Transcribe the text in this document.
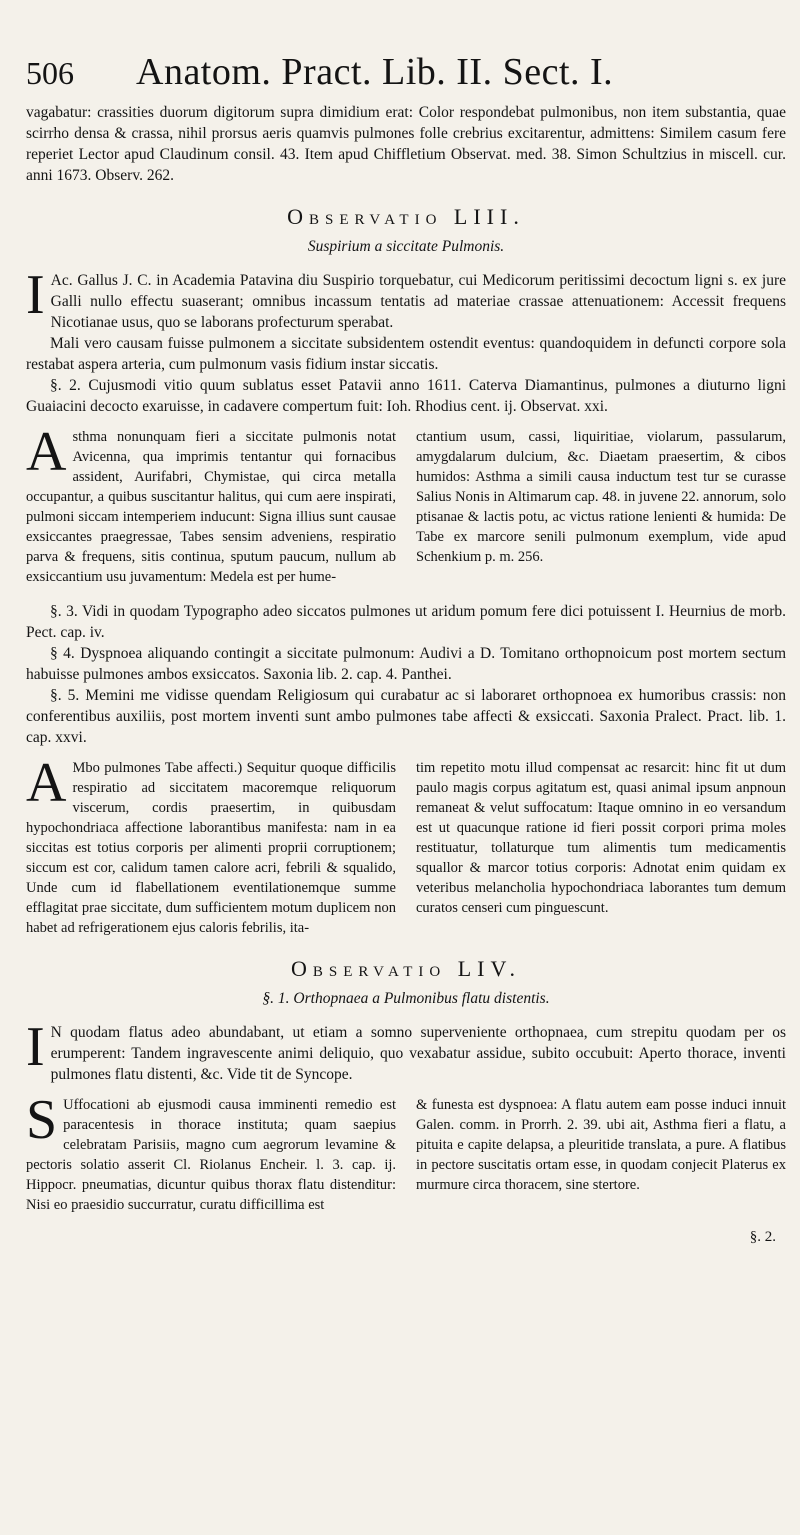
506	Anatom. Pract. Lib. II. Sect. I.

vagabatur: crassities duorum digitorum supra dimidium erat: Color respondebat pulmonibus, non item substantia, quae scirrho densa & crassa, nihil prorsus aeris quamvis pulmones folle crebrius excitarentur, admittens: Similem casum fere reperiet Lector apud Claudinum consil. 43. Item apud Chiffletium Observat. med. 38. Simon Schultzius in miscell. cur. anni 1673. Observ. 262.

Observatio LIII.
Suspirium a siccitate Pulmonis.
I Ac. Gallus J. C. in Academia Patavina diu Suspirio torquebatur, cui Medicorum peritissimi decoctum ligni s. ex jure Galli nullo effectu suaserant; omnibus incassum tentatis ad materiae crassae attenuationem: Accessit frequens Nicotianae usus, quo se laborans profecturum sperabat.

Mali vero causam fuisse pulmonem a siccitate subsidentem ostendit eventus: quandoquidem in defuncti corpore sola restabat aspera arteria, cum pulmonum vasis fidium instar siccatis.

§. 2. Cujusmodi vitio quum sublatus esset Patavii anno 1611. Caterva Diamantinus, pulmones a diuturno ligni Guaiacini decocto exaruisse, in cadavere compertum fuit: Ioh. Rhodius cent. ij. Observat. xxi.

A sthma nonunquam fieri a siccitate pulmonis notat Avicenna, qua imprimis tentantur qui fornacibus assident, Aurifabri, Chymistae, qui circa metalla occupantur, a quibus suscitantur halitus, qui cum aere inspirati, pulmoni siccam intemperiem inducunt: Signa illius sunt causae exsiccantes praegressae, Tabes sensim adveniens, respiratio parva & frequens, sitis continua, sputum paucum, nullum ab exsiccantium usu juvamentum: Medela est per hume-

ctantium usum, cassi, liquiritiae, violarum, passularum, amygdalarum dulcium, &c. Diaetam praesertim, & cibos humidos: Asthma a simili causa inductum test tur se curasse Salius Nonis in Altimarum cap. 48. in juvene 22. annorum, solo ptisanae & lactis potu, ac victus ratione lenienti & humida: De Tabe ex marcore senili pulmonum exemplum, vide apud Schenkium p. m. 256.

§. 3. Vidi in quodam Typographo adeo siccatos pulmones ut aridum pomum fere dici potuissent I. Heurnius de morb. Pect. cap. iv.

§ 4. Dyspnoea aliquando contingit a siccitate pulmonum: Audivi a D. Tomitano orthopnoicum post mortem sectum habuisse pulmones ambos exsiccatos. Saxonia lib. 2. cap. 4. Panthei.

§. 5. Memini me vidisse quendam Religiosum qui curabatur ac si laboraret orthopnoea ex humoribus crassis: non conferentibus auxiliis, post mortem inventi sunt ambo pulmones tabe affecti & exsiccati. Saxonia Pralect. Pract. lib. 1. cap. xxvi.

A Mbo pulmones Tabe affecti.) Sequitur quoque difficilis respiratio ad siccitatem macoremque reliquorum viscerum, cordis praesertim, in quibusdam hypochondriaca affectione laborantibus manifesta: nam in ea siccitas est totius corporis per alimenti proprii corruptionem; siccum est cor, calidum tamen calore acri, febrili & squalido, Unde cum id flabellationem eventilationemque summe efflagitat prae siccitate, dum sufficientem motum duplicem non habet ad refrigerationem ejus caloris febrilis, ita-

tim repetito motu illud compensat ac resarcit: hinc fit ut dum paulo magis corpus agitatum est, quasi animal ipsum anpnoun remaneat & velut suffocatum: Itaque omnino in eo versandum est ut quacunque ratione id fieri possit corpori prima moles restituatur, tollaturque tum alimentis tum medicamentis squallor & marcor totius corporis: Adnotat enim quidam ex veteribus melancholia hypochondriaca laborantes tum demum curatos censeri cum pinguescunt.

Observatio LIV.
§. 1. Orthopnaea a Pulmonibus flatu distentis.
I N quodam flatus adeo abundabant, ut etiam a somno superveniente orthopnaea, cum strepitu quodam per os erumperent: Tandem ingravescente animi deliquio, quo vexabatur assidue, subito occubuit: Aperto thorace, inventi pulmones flatu distenti, &c. Vide tit de Syncope.

S Uffocationi ab ejusmodi causa imminenti remedio est paracentesis in thorace instituta; quam saepius celebratam Parisiis, magno cum aegrorum levamine & pectoris solatio asserit Cl. Riolanus Encheir. l. 3. cap. ij. Hippocr. pneumatias, dicuntur quibus thorax flatu distenditur: Nisi eo praesidio succurratur, curatu difficillima est

& funesta est dyspnoea: A flatu autem eam posse induci innuit Galen. comm. in Prorrh. 2. 39. ubi ait, Asthma fieri a flatu, a pituita e capite delapsa, a pleuritide translata, a pure. A flatibus in pectore suscitatis ortam esse, in quodam conjecit Platerus ex murmure circa thoracem, sine stertore.

§. 2.
